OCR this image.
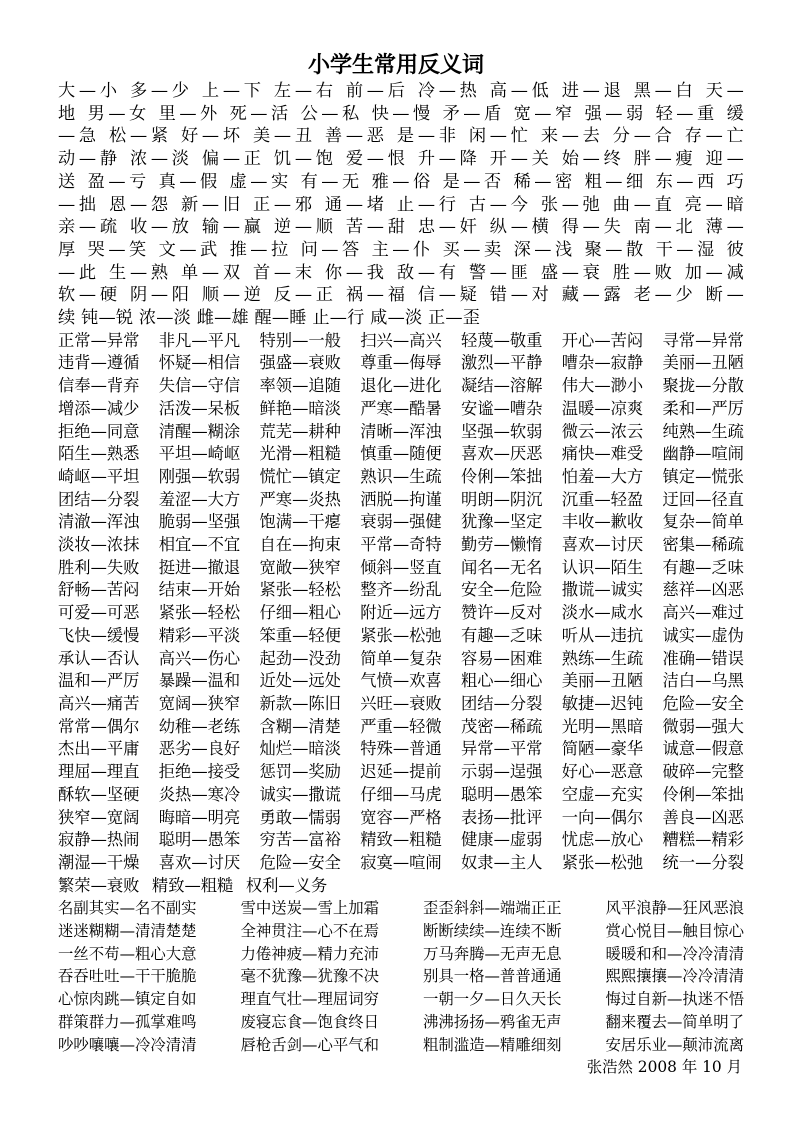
小学生常用反义词
大—小 多—少 上—下 左—右 前—后 冷—热 高—低 进—退 黑—白 天—
地 男—女 里—外 死—活 公—私 快—慢 矛—盾 宽—窄 强—弱 轻—重 缓
—急 松—紧 好—坏 美—丑 善—恶 是—非 闲—忙 来—去 分—合 存—亡
动—静 浓—淡 偏—正 饥—饱 爱—恨 升—降 开—关 始—终 胖—瘦 迎—
送 盈—亏 真—假 虚—实 有—无 雅—俗 是—否 稀—密 粗—细 东—西 巧
—拙 恩—怨 新—旧 正—邪 通—堵 止—行 古—今 张—弛 曲—直 亮—暗
亲—疏 收—放 输—赢 逆—顺 苦—甜 忠—奸 纵—横 得—失 南—北 薄—
厚 哭—笑 文—武 推—拉 问—答 主—仆 买—卖 深—浅 聚—散 干—湿 彼
—此 生—熟 单—双 首—末 你—我 敌—有 警—匪 盛—衰 胜—败 加—减
软—硬 阴—阳 顺—逆 反—正 祸—福 信—疑 错—对 藏—露 老—少 断—
续 钝—锐 浓—淡 雌—雄 醒—睡 止—行 咸—淡 正—歪
正常—异常 非凡—平凡 特别—一般 扫兴—高兴 轻蔑—敬重 开心—苦闷 寻常—异常
违背—遵循 怀疑—相信 强盛—衰败 尊重—侮辱 激烈—平静 嘈杂—寂静 美丽—丑陋
信奉—背弃 失信—守信 率领—追随 退化—进化 凝结—溶解 伟大—渺小 聚拢—分散
增添—减少 活泼—呆板 鲜艳—暗淡 严寒—酷暑 安谧—嘈杂 温暖—凉爽 柔和—严厉
拒绝—同意 清醒—糊涂 荒芜—耕种 清晰—浑浊 坚强—软弱 微云—浓云 纯熟—生疏
陌生—熟悉 平坦—崎岖 光滑—粗糙 慎重—随便 喜欢—厌恶 痛快—难受 幽静—喧闹
崎岖—平坦 刚强—软弱 慌忙—镇定 熟识—生疏 伶俐—笨拙 怕羞—大方 镇定—慌张
团结—分裂 羞涩—大方 严寒—炎热 洒脱—拘谨 明朗—阴沉 沉重—轻盈 迂回—径直
清澈—浑浊 脆弱—坚强 饱满—干瘪 衰弱—强健 犹豫—坚定 丰收—歉收 复杂—简单
淡妆—浓抹 相宜—不宜 自在—拘束 平常—奇特 勤劳—懒惰 喜欢—讨厌 密集—稀疏
胜利—失败 挺进—撤退 宽敞—狭窄 倾斜—竖直 闻名—无名 认识—陌生 有趣—乏味
舒畅—苦闷 结束—开始 紧张—轻松 整齐—纷乱 安全—危险 撒谎—诚实 慈祥—凶恶
可爱—可恶 紧张—轻松 仔细—粗心 附近—远方 赞许—反对 淡水—咸水 高兴—难过
飞快—缓慢 精彩—平淡 笨重—轻便 紧张—松弛 有趣—乏味 听从—违抗 诚实—虚伪
承认—否认 高兴—伤心 起劲—没劲 简单—复杂 容易—困难 熟练—生疏 准确—错误
温和—严厉 暴躁—温和 近处—远处 气愤—欢喜 粗心—细心 美丽—丑陋 洁白—乌黑
高兴—痛苦 宽阔—狭窄 新款—陈旧 兴旺—衰败 团结—分裂 敏捷—迟钝 危险—安全
常常—偶尔 幼稚—老练 含糊—清楚 严重—轻微 茂密—稀疏 光明—黑暗 微弱—强大
杰出—平庸 恶劣—良好 灿烂—暗淡 特殊—普通 异常—平常 简陋—豪华 诚意—假意
理屈—理直 拒绝—接受 惩罚—奖励 迟延—提前 示弱—逞强 好心—恶意 破碎—完整
酥软—坚硬 炎热—寒冷 诚实—撒谎 仔细—马虎 聪明—愚笨 空虚—充实 伶俐—笨拙
狭窄—宽阔 晦暗—明亮 勇敢—懦弱 宽容—严格 表扬—批评 一向—偶尔 善良—凶恶
寂静—热闹 聪明—愚笨 穷苦—富裕 精致—粗糙 健康—虚弱 忧虑—放心 糟糕—精彩
潮湿—干燥 喜欢—讨厌 危险—安全 寂寞—喧闹 奴隶—主人 紧张—松弛 统一—分裂
繁荣—衰败 精致—粗糙 权利—义务
名副其实—名不副实	雪中送炭—雪上加霜	歪歪斜斜—端端正正	风平浪静—狂风恶浪
迷迷糊糊—清清楚楚	全神贯注—心不在焉	断断续续—连续不断	赏心悦目—触目惊心
一丝不苟—粗心大意	力倦神疲—精力充沛	万马奔腾—无声无息	暖暖和和—冷冷清清
吞吞吐吐—干干脆脆	毫不犹豫—犹豫不决	别具一格—普普通通	熙熙攘攘—冷冷清清
心惊肉跳—镇定自如	理直气壮—理屈词穷	一朝一夕—日久天长	悔过自新—执迷不悟
群策群力—孤掌难鸣	废寝忘食—饱食终日	沸沸扬扬—鸦雀无声	翻来覆去—简单明了
吵吵嚷嚷—冷冷清清	唇枪舌剑—心平气和	粗制滥造—精雕细刻	安居乐业—颠沛流离
张浩然 2008 年 10 月
